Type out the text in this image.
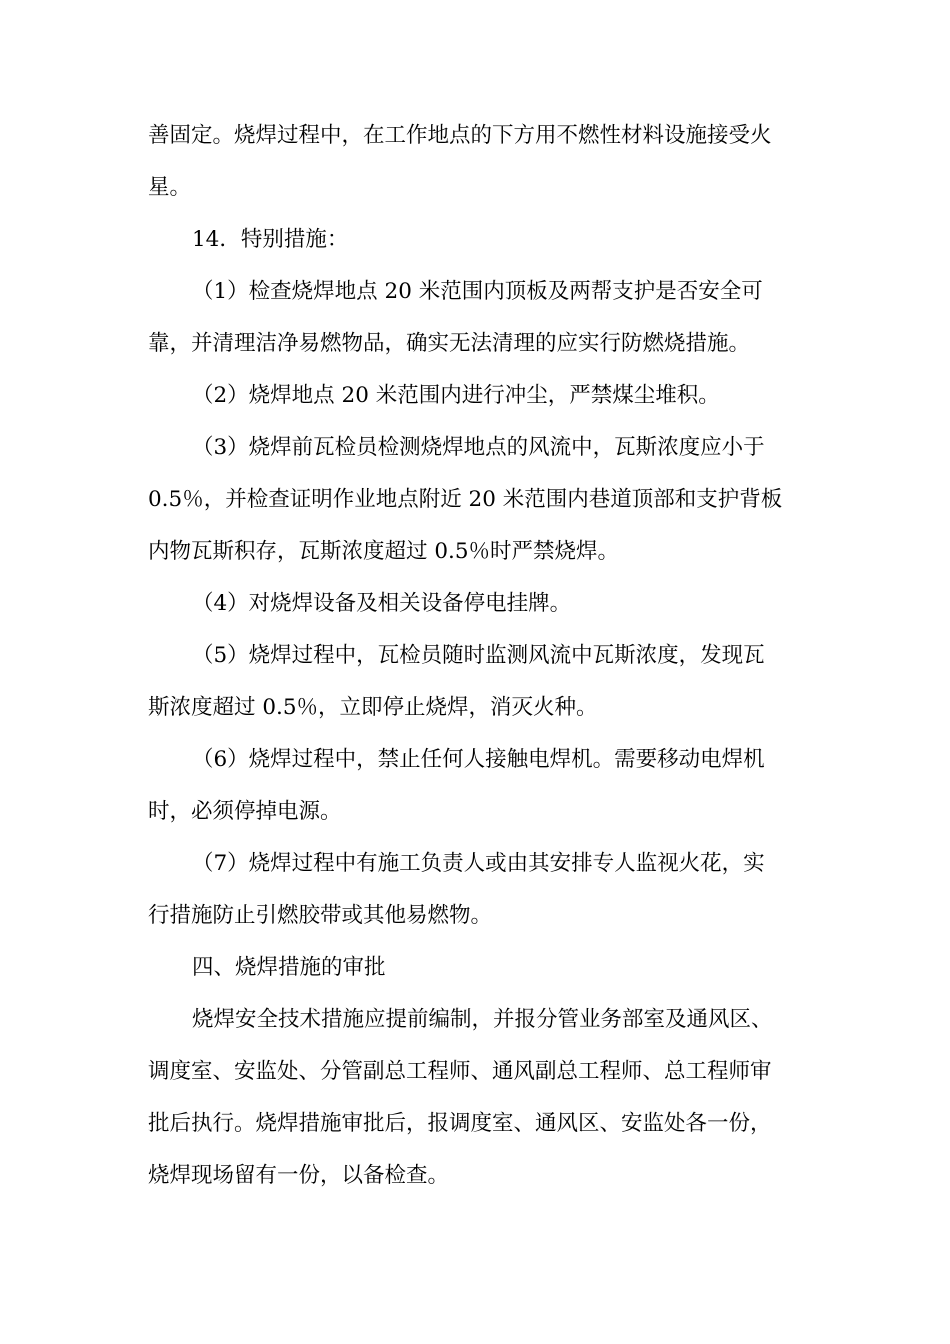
善固定。烧焊过程中，在工作地点的下方用不燃性材料设施接受火
星。
14．特别措施：
（1）检查烧焊地点 20 米范围内顶板及两帮支护是否安全可
靠，并清理洁净易燃物品，确实无法清理的应实行防燃烧措施。
（2）烧焊地点 20 米范围内进行冲尘，严禁煤尘堆积。
（3）烧焊前瓦检员检测烧焊地点的风流中，瓦斯浓度应小于
0.5％，并检查证明作业地点附近 20 米范围内巷道顶部和支护背板
内物瓦斯积存，瓦斯浓度超过 0.5％时严禁烧焊。
（4）对烧焊设备及相关设备停电挂牌。
（5）烧焊过程中，瓦检员随时监测风流中瓦斯浓度，发现瓦
斯浓度超过 0.5％，立即停止烧焊，消灭火种。
（6）烧焊过程中，禁止任何人接触电焊机。需要移动电焊机
时，必须停掉电源。
（7）烧焊过程中有施工负责人或由其安排专人监视火花，实
行措施防止引燃胶带或其他易燃物。
四、烧焊措施的审批
烧焊安全技术措施应提前编制，并报分管业务部室及通风区、
调度室、安监处、分管副总工程师、通风副总工程师、总工程师审
批后执行。烧焊措施审批后，报调度室、通风区、安监处各一份，
烧焊现场留有一份，以备检查。
